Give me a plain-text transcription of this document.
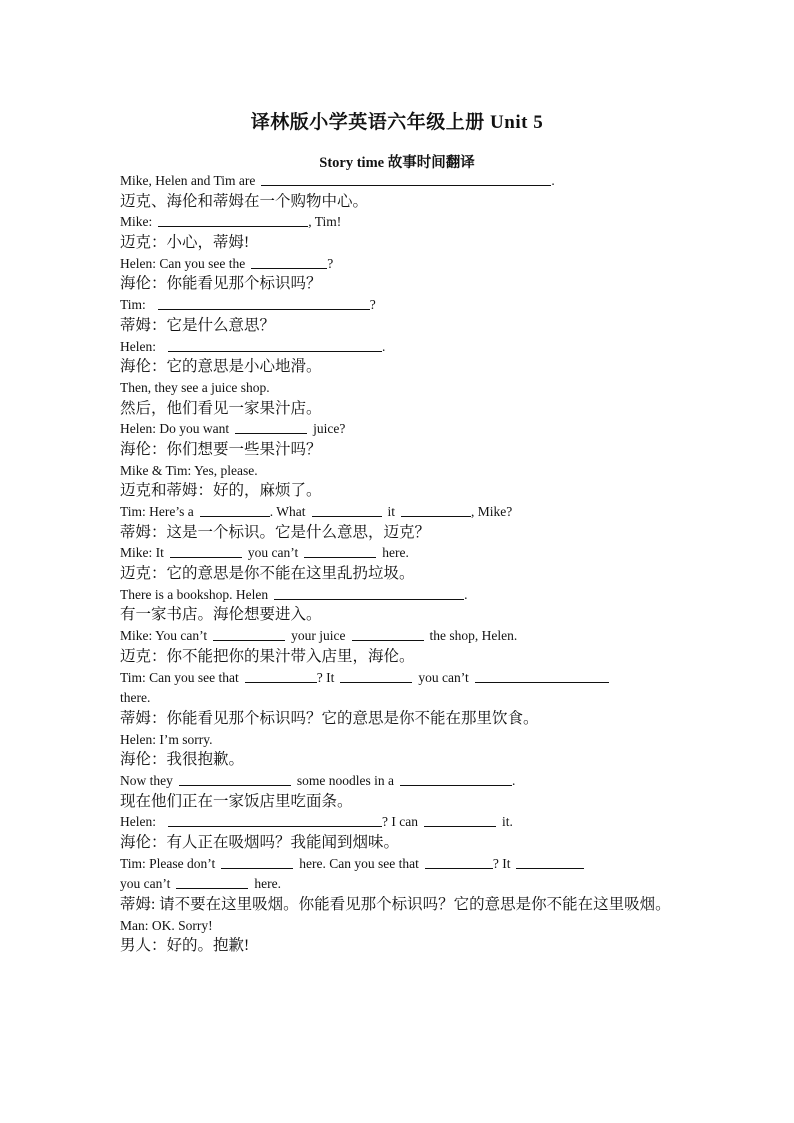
译林版小学英语六年级上册 Unit 5
Story time 故事时间翻译
Mike, Helen and Tim are	.
迈克、海伦和蒂姆在一个购物中心。
Mike:	, Tim!
迈克：小心，蒂姆!
Helen: Can you see the	?
海伦：你能看见那个标识吗？
Tim:	?
蒂姆：它是什么意思？
Helen:	.
海伦：它的意思是小心地滑。
Then, they see a juice shop.
然后，他们看见一家果汁店。
Helen: Do you want	juice?
海伦：你们想要一些果汁吗？
Mike & Tim: Yes, please.
迈克和蒂姆：好的，麻烦了。
Tim: Here’s a	. What	it	, Mike?
蒂姆：这是一个标识。它是什么意思，迈克？
Mike: It	you can’t	here.
迈克：它的意思是你不能在这里乱扔垃圾。
There is a bookshop. Helen	.
有一家书店。海伦想要进入。
Mike: You can’t	your juice	the shop, Helen.
迈克：你不能把你的果汁带入店里，海伦。
Tim: Can you see that	? It	you can’t
there.
蒂姆：你能看见那个标识吗？它的意思是你不能在那里饮食。
Helen: I’m sorry.
海伦：我很抱歉。
Now they	some noodles in a	.
现在他们正在一家饭店里吃面条。
Helen:	? I can	it.
海伦：有人正在吸烟吗？我能闻到烟味。
Tim: Please don’t	here. Can you see that	? It
you can’t	here.
蒂姆: 请不要在这里吸烟。你能看见那个标识吗？它的意思是你不能在这里吸烟。
Man: OK. Sorry!
男人：好的。抱歉!
